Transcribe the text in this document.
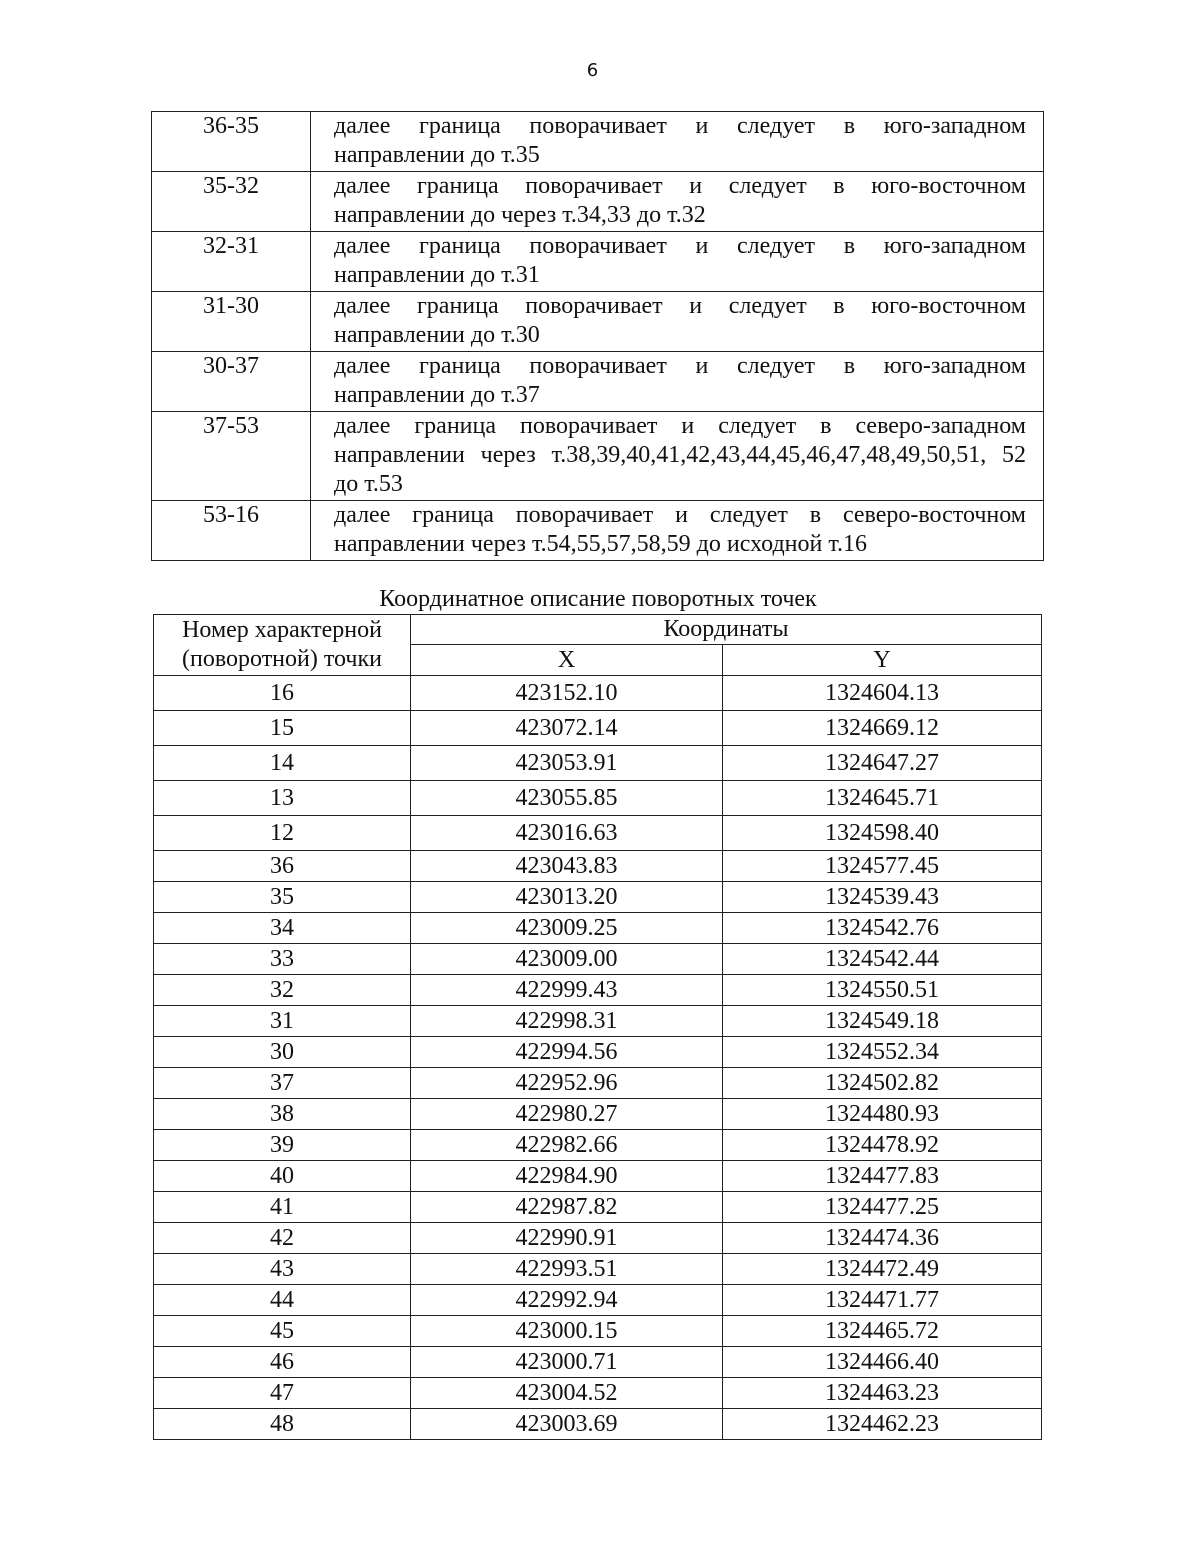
6
36-35	далее граница поворачивает и следует в юго-западном направлении до т.35
35-32	далее граница поворачивает и следует в юго-восточном направлении до через т.34,33 до т.32
32-31	далее граница поворачивает и следует в юго-западном направлении до т.31
31-30	далее граница поворачивает и следует в юго-восточном направлении до т.30
30-37	далее граница поворачивает и следует в юго-западном направлении до т.37
37-53	далее граница поворачивает и следует в северо-западном направлении через т.38,39,40,41,42,43,44,45,46,47,48,49,50,51, 52 до т.53
53-16	далее граница поворачивает и следует в северо-восточном направлении через т.54,55,57,58,59 до исходной т.16
Координатное описание поворотных точек
Номер характерной (поворотной) точки	Координаты	
	X	Y
16	423152.10	1324604.13
15	423072.14	1324669.12
14	423053.91	1324647.27
13	423055.85	1324645.71
12	423016.63	1324598.40
36	423043.83	1324577.45
35	423013.20	1324539.43
34	423009.25	1324542.76
33	423009.00	1324542.44
32	422999.43	1324550.51
31	422998.31	1324549.18
30	422994.56	1324552.34
37	422952.96	1324502.82
38	422980.27	1324480.93
39	422982.66	1324478.92
40	422984.90	1324477.83
41	422987.82	1324477.25
42	422990.91	1324474.36
43	422993.51	1324472.49
44	422992.94	1324471.77
45	423000.15	1324465.72
46	423000.71	1324466.40
47	423004.52	1324463.23
48	423003.69	1324462.23
